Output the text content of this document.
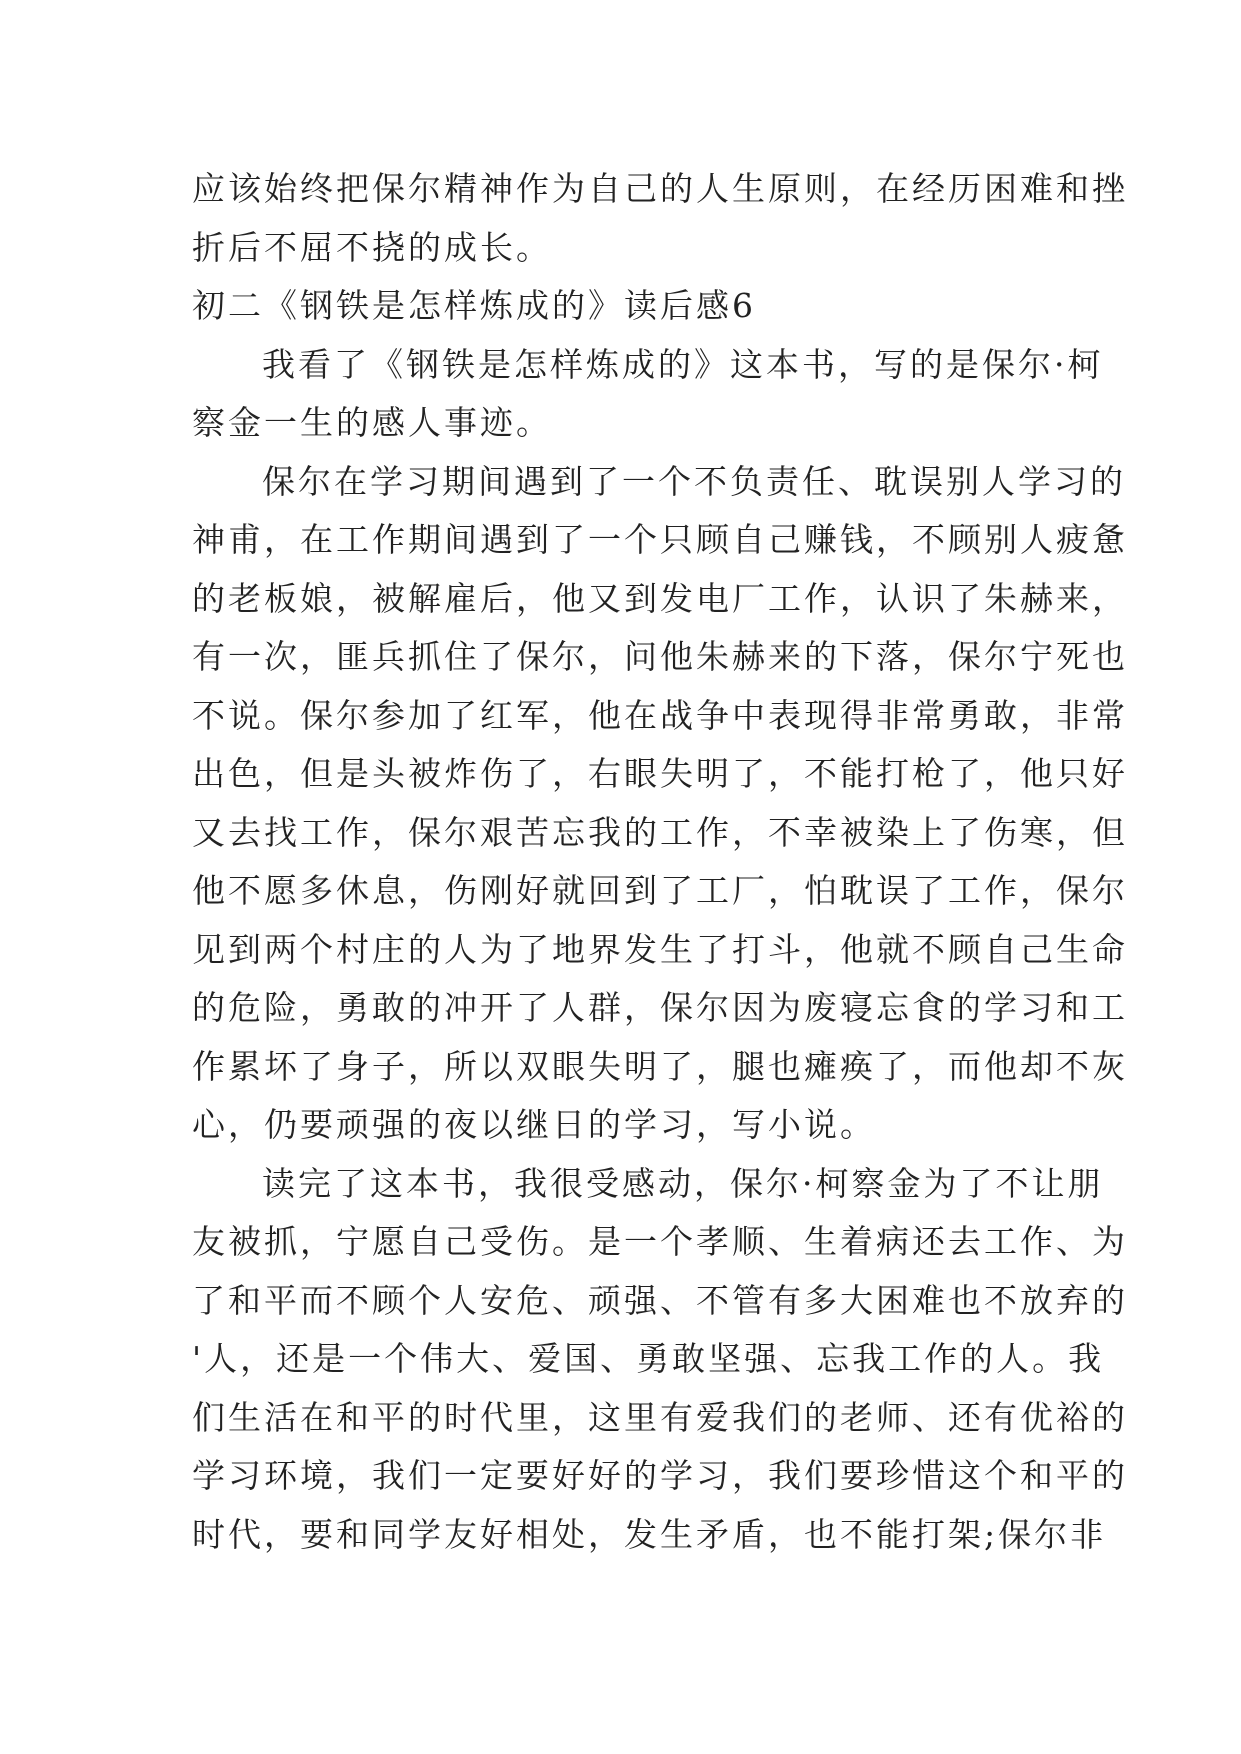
应该始终把保尔精神作为自己的人生原则，在经历困难和挫
折后不屈不挠的成长。
初二《钢铁是怎样炼成的》读后感6
我看了《钢铁是怎样炼成的》这本书，写的是保尔·柯
察金一生的感人事迹。
保尔在学习期间遇到了一个不负责任、耽误别人学习的
神甫，在工作期间遇到了一个只顾自己赚钱，不顾别人疲惫
的老板娘，被解雇后，他又到发电厂工作，认识了朱赫来，
有一次，匪兵抓住了保尔，问他朱赫来的下落，保尔宁死也
不说。保尔参加了红军，他在战争中表现得非常勇敢，非常
出色，但是头被炸伤了，右眼失明了，不能打枪了，他只好
又去找工作，保尔艰苦忘我的工作，不幸被染上了伤寒，但
他不愿多休息，伤刚好就回到了工厂，怕耽误了工作，保尔
见到两个村庄的人为了地界发生了打斗，他就不顾自己生命
的危险，勇敢的冲开了人群，保尔因为废寝忘食的学习和工
作累坏了身子，所以双眼失明了，腿也瘫痪了，而他却不灰
心，仍要顽强的夜以继日的学习，写小说。
读完了这本书，我很受感动，保尔·柯察金为了不让朋
友被抓，宁愿自己受伤。是一个孝顺、生着病还去工作、为
了和平而不顾个人安危、顽强、不管有多大困难也不放弃的
'人，还是一个伟大、爱国、勇敢坚强、忘我工作的人。我
们生活在和平的时代里，这里有爱我们的老师、还有优裕的
学习环境，我们一定要好好的学习，我们要珍惜这个和平的
时代，要和同学友好相处，发生矛盾，也不能打架;保尔非
